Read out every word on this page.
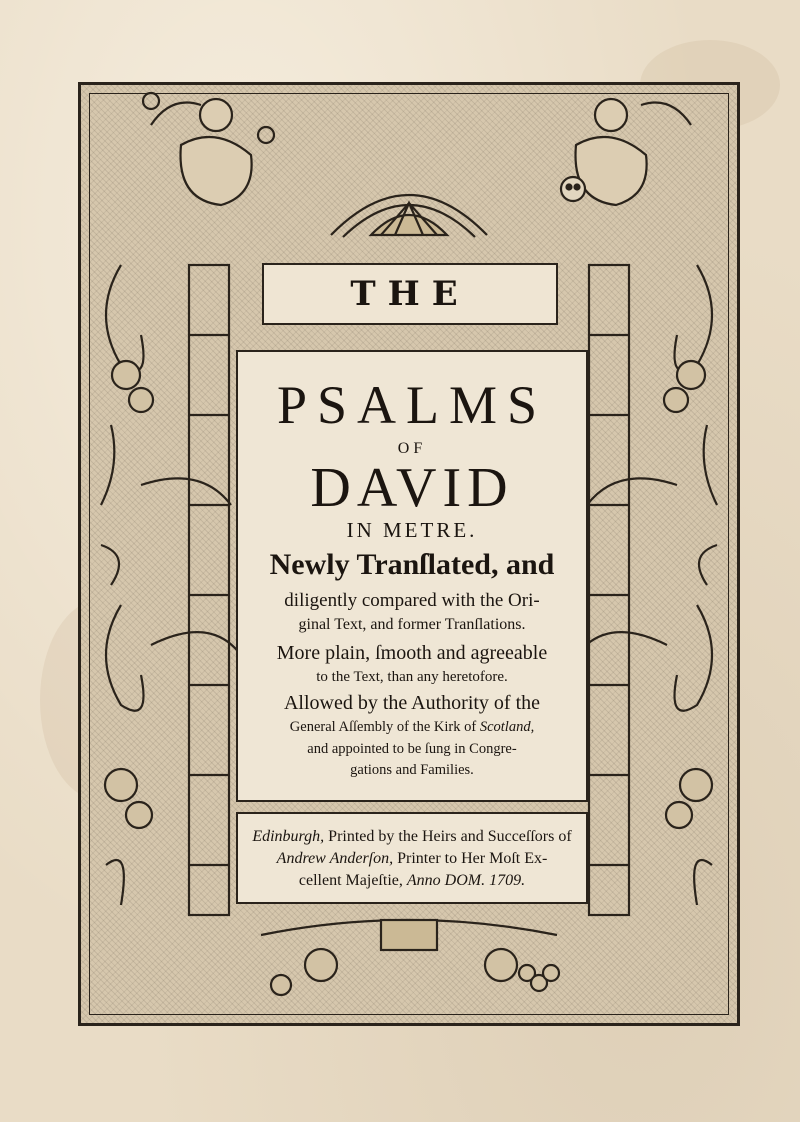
THE
PSALMS
OF
DAVID
IN METRE.
Newly Tranſlated, and
diligently compared with the Ori-
ginal Text, and former Tranſlations.
More plain, ſmooth and agreeable
to the Text, than any heretofore.
Allowed by the Authority of the
General Aſſembly of the Kirk of Scotland,
and appointed to be ſung in Congre-
gations and Families.
Edinburgh, Printed by the Heirs and Succeſſors of
Andrew Anderſon, Printer to Her Moſt Ex-
cellent Majeſtie, Anno DOM. 1709.
